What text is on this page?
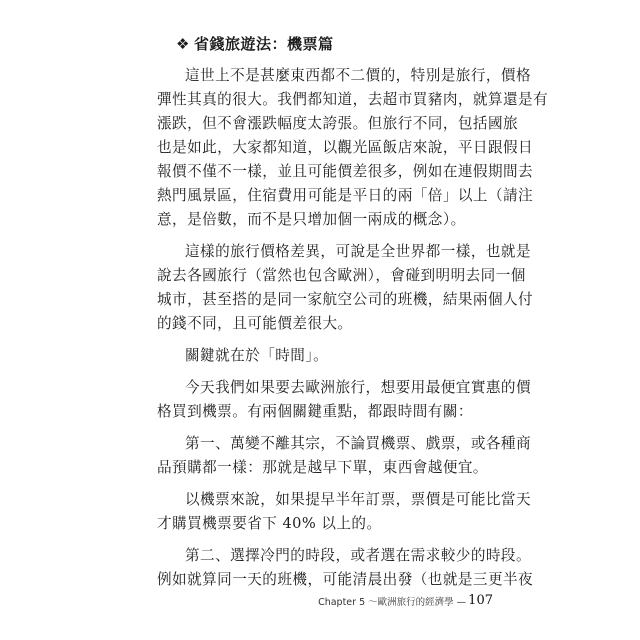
❖ 省錢旅遊法：機票篇
這世上不是甚麼東西都不二價的，特別是旅行，價格
彈性其真的很大。我們都知道，去超市買豬肉，就算還是有
漲跌，但不會漲跌幅度太誇張。但旅行不同，包括國旅
也是如此，大家都知道，以觀光區飯店來說，平日跟假日
報價不僅不一樣，並且可能價差很多，例如在連假期間去
熱門風景區，住宿費用可能是平日的兩「倍」以上（請注
意，是倍數，而不是只增加個一兩成的概念）。
這樣的旅行價格差異，可說是全世界都一樣，也就是
說去各國旅行（當然也包含歐洲），會碰到明明去同一個
城市，甚至搭的是同一家航空公司的班機，結果兩個人付
的錢不同，且可能價差很大。
關鍵就在於「時間」。
今天我們如果要去歐洲旅行，想要用最便宜實惠的價
格買到機票。有兩個關鍵重點，都跟時間有關：
第一、萬變不離其宗，不論買機票、戲票，或各種商
品預購都一樣：那就是越早下單，東西會越便宜。
以機票來說，如果提早半年訂票，票價是可能比當天
才購買機票要省下 40% 以上的。
第二、選擇冷門的時段，或者選在需求較少的時段。
例如就算同一天的班機，可能清晨出發（也就是三更半夜
Chapter 5 ～歐洲旅行的經濟學 — 107
